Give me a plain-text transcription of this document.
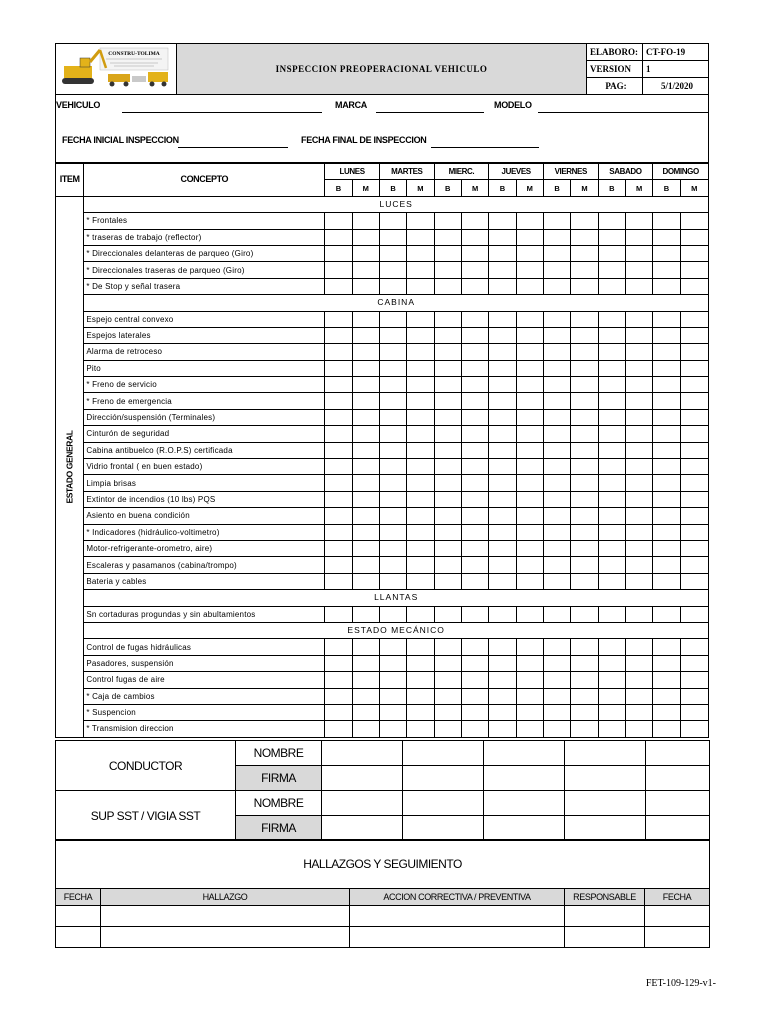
CONSTRU-TOLIMA	INSPECCION PREOPERACIONAL VEHICULO	ELABORO:	CT-FO-19
		VERSION	1
		PAG:	5/1/2020
VEHICULO	MARCA	MODELO
FECHA INICIAL INSPECCION	FECHA FINAL DE INSPECCION
ITEM	CONCEPTO	LUNES		MARTES		MIERC.		JUEVES		VIERNES		SABADO		DOMINGO	
		B	M	B	M	B	M	B	M	B	M	B	M	B	M

ESTADO GENERAL	LUCES														
	* Frontales														
	* traseras de trabajo (reflector)														
	* Direccionales delanteras de parqueo (Giro)														
	* Direccionales traseras de parqueo (Giro)														
	* De Stop y señal trasera														
	CABINA														
	Espejo central convexo														
	Espejos laterales														
	Alarma de retroceso														
	Pito														
	* Freno de servicio														
	* Freno de emergencia														
	Dirección/suspensión (Terminales)														
	Cinturón de seguridad														
	Cabina antibuelco (R.O.P.S) certificada														
	Vidrio frontal ( en buen estado)														
	Limpia brisas														
	Extintor de incendios (10 lbs) PQS														
	Asiento en buena condición														
	* Indicadores (hidráulico-voltimetro)														
	Motor-refrigerante-orometro, aire)														
	Escaleras y pasamanos (cabina/trompo)														
	Bateria y cables														
	LLANTAS														
	Sn cortaduras progundas y sin abultamientos														
	ESTADO MECÁNICO														
	Control de fugas hidráulicas														
	Pasadores, suspensión														
	Control fugas de aire														
	* Caja de cambios														
	* Suspencion														
	* Transmision direccion														
CONDUCTOR	NOMBRE					
	FIRMA					
SUP SST / VIGIA SST	NOMBRE					
	FIRMA					
HALLAZGOS Y SEGUIMIENTO				
FECHA	HALLAZGO	ACCION CORRECTIVA / PREVENTIVA	RESPONSABLE	FECHA

FET-109-129-v1-
